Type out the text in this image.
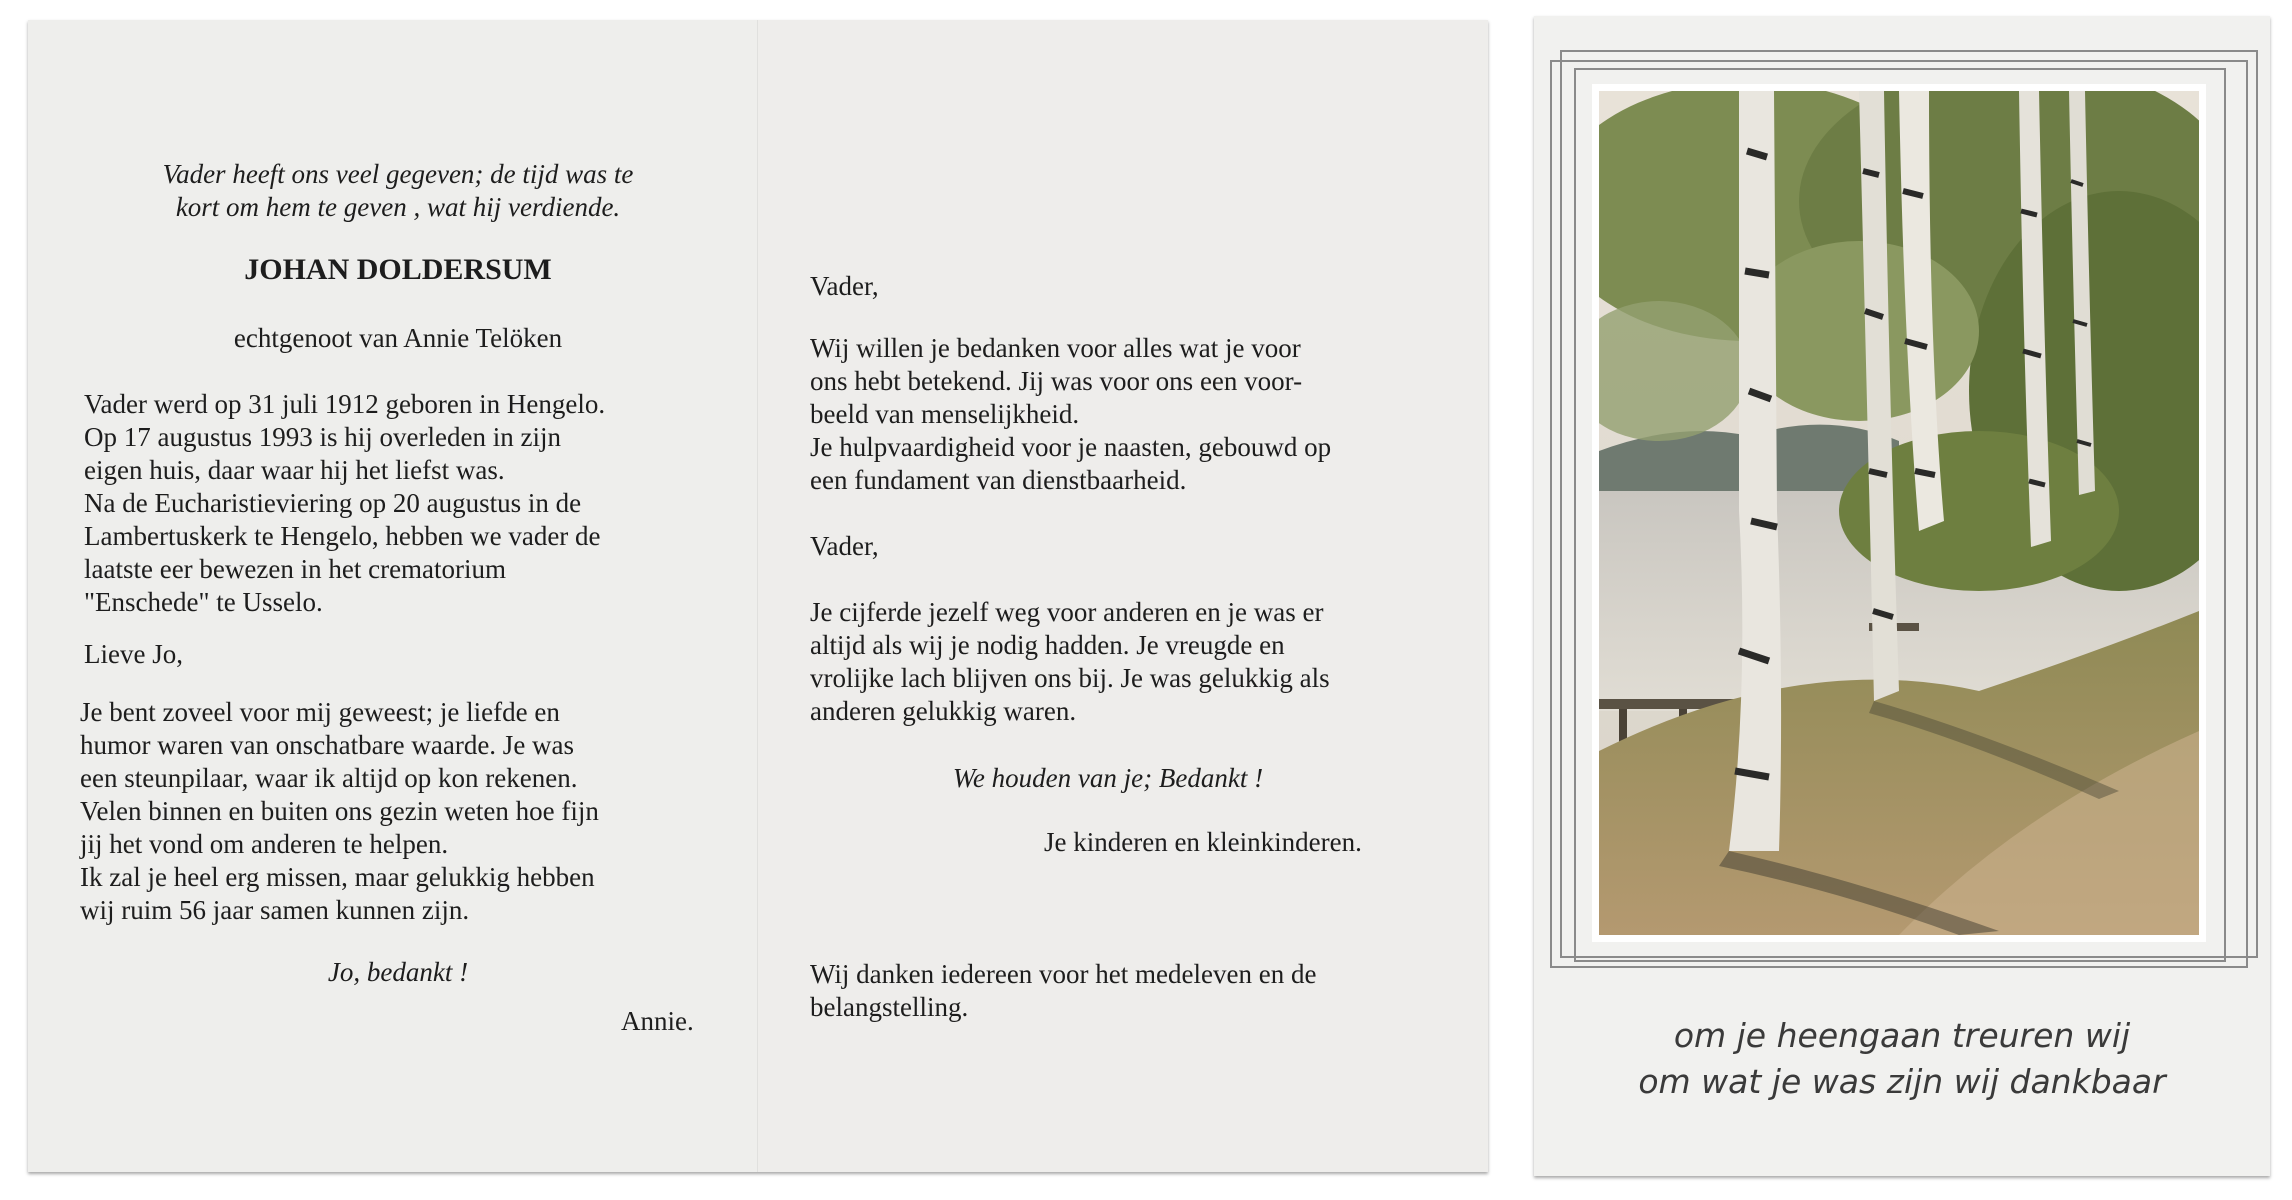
Vader heeft ons veel gegeven; de tijd was te
kort om hem te geven , wat hij verdiende.
JOHAN DOLDERSUM
echtgenoot van Annie Telöken
Vader werd op 31 juli 1912 geboren in Hengelo.
Op 17 augustus 1993 is hij overleden in zijn
eigen huis, daar waar hij het liefst was.
Na de Eucharistieviering op 20 augustus in de
Lambertuskerk te Hengelo, hebben we vader de
laatste eer bewezen in het crematorium
"Enschede" te Usselo.
Lieve Jo,
Je bent zoveel voor mij geweest; je liefde en
humor waren van onschatbare waarde. Je was
een steunpilaar, waar ik altijd op kon rekenen.
Velen binnen en buiten ons gezin weten hoe fijn
jij het vond om anderen te helpen.
Ik zal je heel erg missen, maar gelukkig hebben
wij ruim 56 jaar samen kunnen zijn.
Jo, bedankt !
Annie.
Vader,
Wij willen je bedanken voor alles wat je voor
ons hebt betekend. Jij was voor ons een voor-
beeld van menselijkheid.
Je hulpvaardigheid voor je naasten, gebouwd op
een fundament van dienstbaarheid.
Vader,
Je cijferde jezelf weg voor anderen en je was er
altijd als wij je nodig hadden. Je vreugde en
vrolijke lach blijven ons bij. Je was gelukkig als
anderen gelukkig waren.
We houden van je; Bedankt !
Je kinderen en kleinkinderen.
Wij danken iedereen voor het medeleven en de
belangstelling.
om je heengaan treuren wij
om wat je was zijn wij dankbaar
